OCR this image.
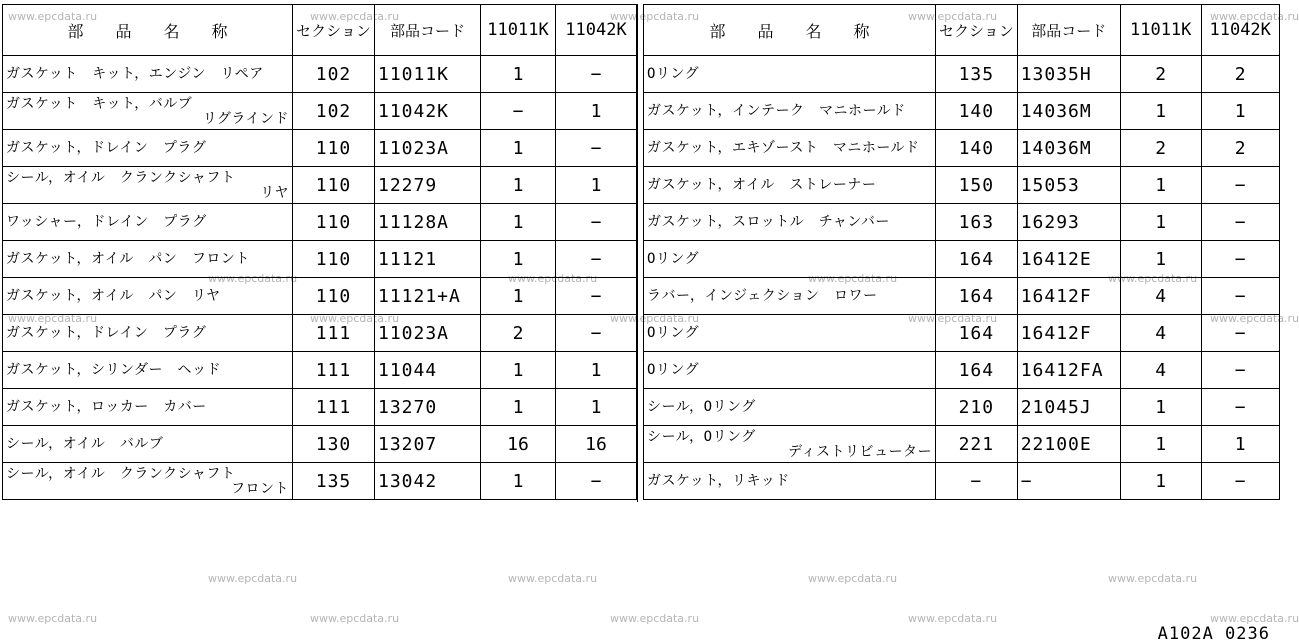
www.epcdata.ru	www.epcdata.ru	www.epcdata.ru	www.epcdata.ru	www.epcdata.ru
www.epcdata.ru	www.epcdata.ru	www.epcdata.ru	www.epcdata.ru
www.epcdata.ru	www.epcdata.ru	www.epcdata.ru	www.epcdata.ru	www.epcdata.ru
www.epcdata.ru	www.epcdata.ru	www.epcdata.ru	www.epcdata.ru
www.epcdata.ru	www.epcdata.ru	www.epcdata.ru	www.epcdata.ru	www.epcdata.ru
部　　品　　名　　称	セクション	部品コード	11011K	11042K

ガスケット　キット，エンジン　リペア	102	11011K	1	−

ガスケット　キット，バルブ
リグラインド	102	11042K	−	1

ガスケット，ドレイン　プラグ	110	11023A	1	−

シール，オイル　クランクシャフト
リヤ	110	12279	1	1

ワッシャー，ドレイン　プラグ	110	11128A	1	−

ガスケット，オイル　パン　フロント	110	11121	1	−

ガスケット，オイル　パン　リヤ	110	11121+A	1	−

ガスケット，ドレイン　プラグ	111	11023A	2	−

ガスケット，シリンダー　ヘッド	111	11044	1	1

ガスケット，ロッカー　カバー	111	13270	1	1

シール，オイル　バルブ	130	13207	16	16

シール，オイル　クランクシャフト
フロント	135	13042	1	−
部　　品　　名　　称	セクション	部品コード	11011K	11042K

Oリング	135	13035H	2	2

ガスケット，インテーク　マニホールド	140	14036M	1	1

ガスケット，エキゾースト　マニホールド	140	14036M	2	2

ガスケット，オイル　ストレーナー	150	15053	1	−

ガスケット，スロットル　チャンバー	163	16293	1	−

Oリング	164	16412E	1	−

ラバー，インジェクション　ロワー	164	16412F	4	−

Oリング	164	16412F	4	−

Oリング	164	16412FA	4	−

シール，Oリング	210	21045J	1	−

シール，Oリング
ディストリビューター	221	22100E	1	1

ガスケット，リキッド	−	−	1	−
A102A 0236
